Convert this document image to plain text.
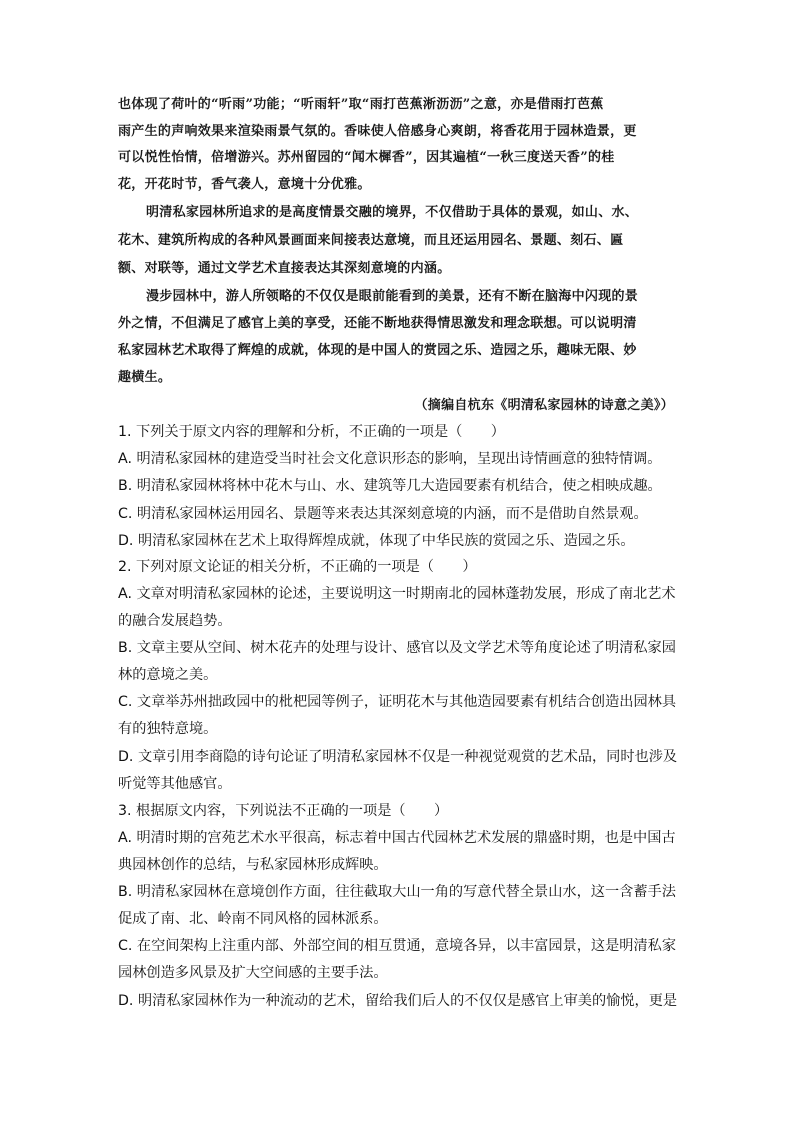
也体现了荷叶的“听雨”功能；“听雨轩”取“雨打芭蕉淅沥沥”之意，亦是借雨打芭蕉
雨产生的声响效果来渲染雨景气氛的。香味使人倍感身心爽朗，将香花用于园林造景，更
可以悦性怡情，倍增游兴。苏州留园的“闻木樨香”，因其遍植“一秋三度送天香”的桂
花，开花时节，香气袭人，意境十分优雅。
明清私家园林所追求的是高度情景交融的境界，不仅借助于具体的景观，如山、水、
花木、建筑所构成的各种风景画面来间接表达意境，而且还运用园名、景题、刻石、匾
额、对联等，通过文学艺术直接表达其深刻意境的内涵。
漫步园林中，游人所领略的不仅仅是眼前能看到的美景，还有不断在脑海中闪现的景
外之情，不但满足了感官上美的享受，还能不断地获得情思激发和理念联想。可以说明清
私家园林艺术取得了辉煌的成就，体现的是中国人的赏园之乐、造园之乐，趣味无限、妙
趣横生。
（摘编自杭东《明清私家园林的诗意之美》）
1. 下列关于原文内容的理解和分析，不正确的一项是（　　）
A. 明清私家园林的建造受当时社会文化意识形态的影响，呈现出诗情画意的独特情调。
B. 明清私家园林将林中花木与山、水、建筑等几大造园要素有机结合，使之相映成趣。
C. 明清私家园林运用园名、景题等来表达其深刻意境的内涵，而不是借助自然景观。
D. 明清私家园林在艺术上取得辉煌成就，体现了中华民族的赏园之乐、造园之乐。
2. 下列对原文论证的相关分析，不正确的一项是（　　）
A. 文章对明清私家园林的论述，主要说明这一时期南北的园林蓬勃发展，形成了南北艺术
的融合发展趋势。
B. 文章主要从空间、树木花卉的处理与设计、感官以及文学艺术等角度论述了明清私家园
林的意境之美。
C. 文章举苏州拙政园中的枇杷园等例子，证明花木与其他造园要素有机结合创造出园林具
有的独特意境。
D. 文章引用李商隐的诗句论证了明清私家园林不仅是一种视觉观赏的艺术品，同时也涉及
听觉等其他感官。
3. 根据原文内容，下列说法不正确的一项是（　　）
A. 明清时期的宫苑艺术水平很高，标志着中国古代园林艺术发展的鼎盛时期，也是中国古
典园林创作的总结，与私家园林形成辉映。
B. 明清私家园林在意境创作方面，往往截取大山一角的写意代替全景山水，这一含蓄手法
促成了南、北、岭南不同风格的园林派系。
C. 在空间架构上注重内部、外部空间的相互贯通，意境各异，以丰富园景，这是明清私家
园林创造多风景及扩大空间感的主要手法。
D. 明清私家园林作为一种流动的艺术，留给我们后人的不仅仅是感官上审美的愉悦，更是
